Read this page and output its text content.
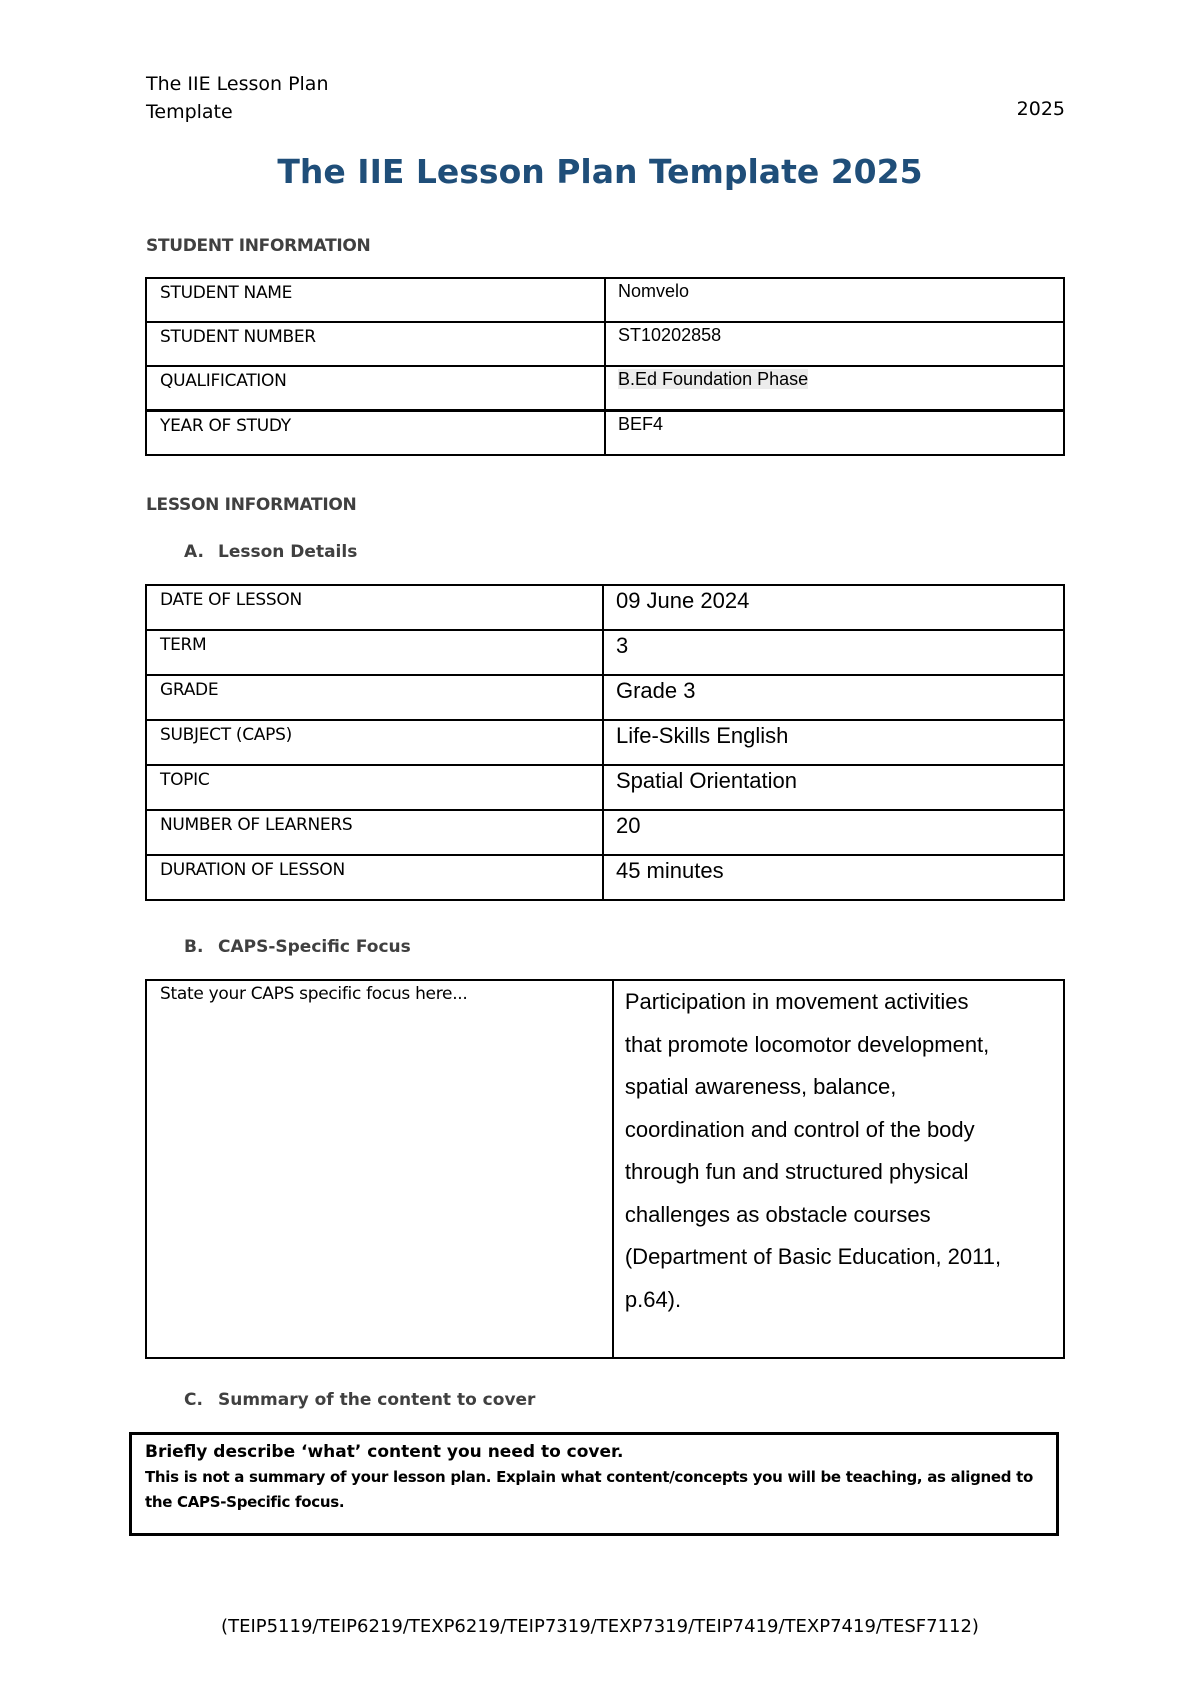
The IIE Lesson Plan
Template	2025
The IIE Lesson Plan Template 2025
STUDENT INFORMATION
STUDENT NAME	Nomvelo
STUDENT NUMBER	ST10202858
QUALIFICATION	B.Ed Foundation Phase
YEAR OF STUDY	BEF4
LESSON INFORMATION
A. Lesson Details
DATE OF LESSON	09 June 2024
TERM	3
GRADE	Grade 3
SUBJECT (CAPS)	Life-Skills English
TOPIC	Spatial Orientation
NUMBER OF LEARNERS	20
DURATION OF LESSON	45 minutes
B. CAPS-Specific Focus
State your CAPS specific focus here...	Participation in movement activities
that promote locomotor development,
spatial awareness, balance,
coordination and control of the body
through fun and structured physical
challenges as obstacle courses
(Department of Basic Education, 2011,
p.64).
C. Summary of the content to cover
Briefly describe ‘what’ content you need to cover.
This is not a summary of your lesson plan. Explain what content/concepts you will be teaching, as aligned to
the CAPS-Specific focus.
(TEIP5119/TEIP6219/TEXP6219/TEIP7319/TEXP7319/TEIP7419/TEXP7419/TESF7112)
